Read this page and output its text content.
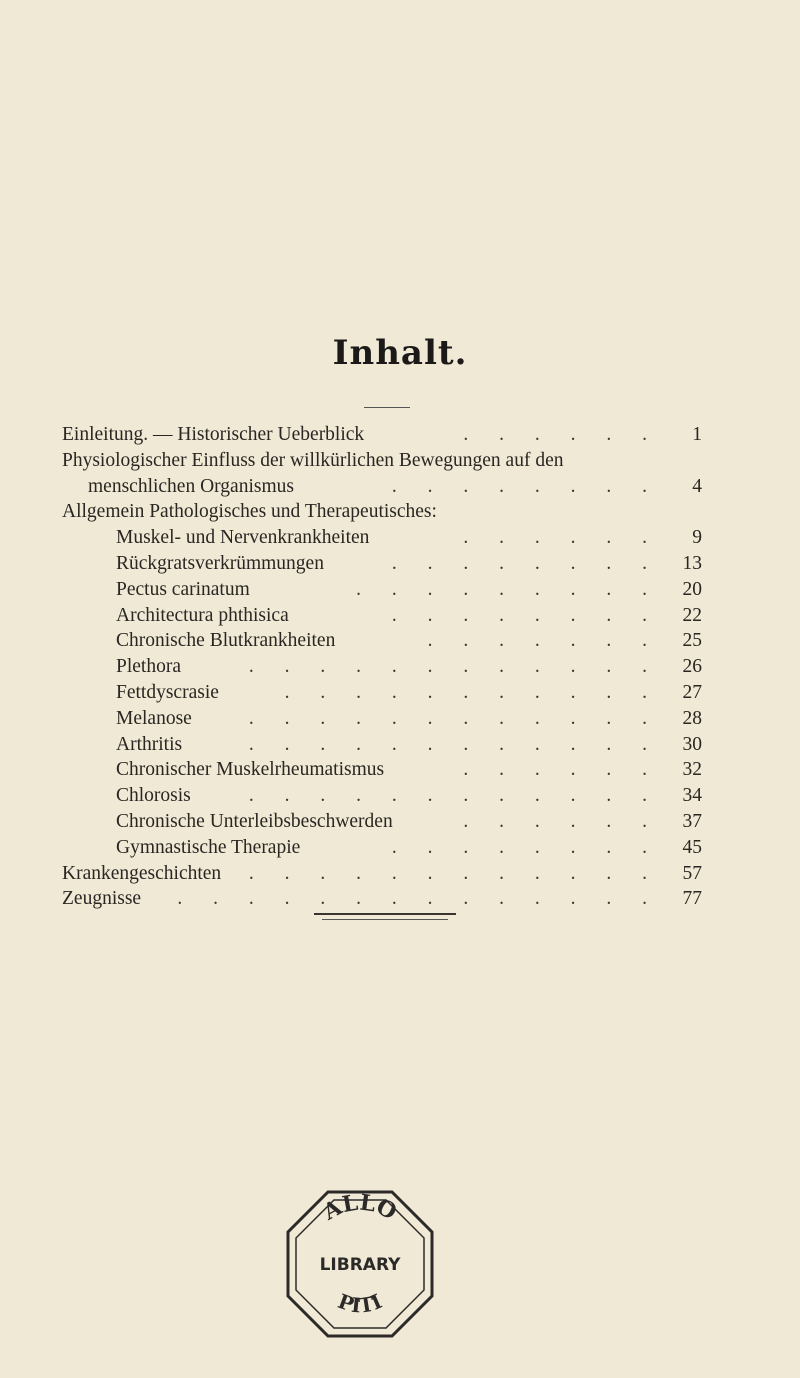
Inhalt.
Einleitung. — Historischer Ueberblick	. . . . . .	1
Physiologischer Einfluss der willkürlichen Bewegungen auf den
menschlichen Organismus	. . . . . . . .	4
Allgemein Pathologisches und Therapeutisches:
Muskel- und Nervenkrankheiten	. . . . . .	9
Rückgratsverkrümmungen	. . . . . . . .	13
Pectus carinatum	. . . . . . . . .	20
Architectura phthisica	. . . . . . . .	22
Chronische Blutkrankheiten	. . . . . . .	25
Plethora	. . . . . . . . . . . .	26
Fettdyscrasie	. . . . . . . . . . .	27
Melanose	. . . . . . . . . . . .	28
Arthritis	. . . . . . . . . . . .	30
Chronischer Muskelrheumatismus	. . . . . .	32
Chlorosis	. . . . . . . . . . . .	34
Chronische Unterleibsbeschwerden	. . . . . .	37
Gymnastische Therapie	. . . . . . . .	45
Krankengeschichten . . . . . . . . . . . .	57
Zeugnisse . . . . . . . . . . . . . .	77
ALLO
LIBRARY
PITI
